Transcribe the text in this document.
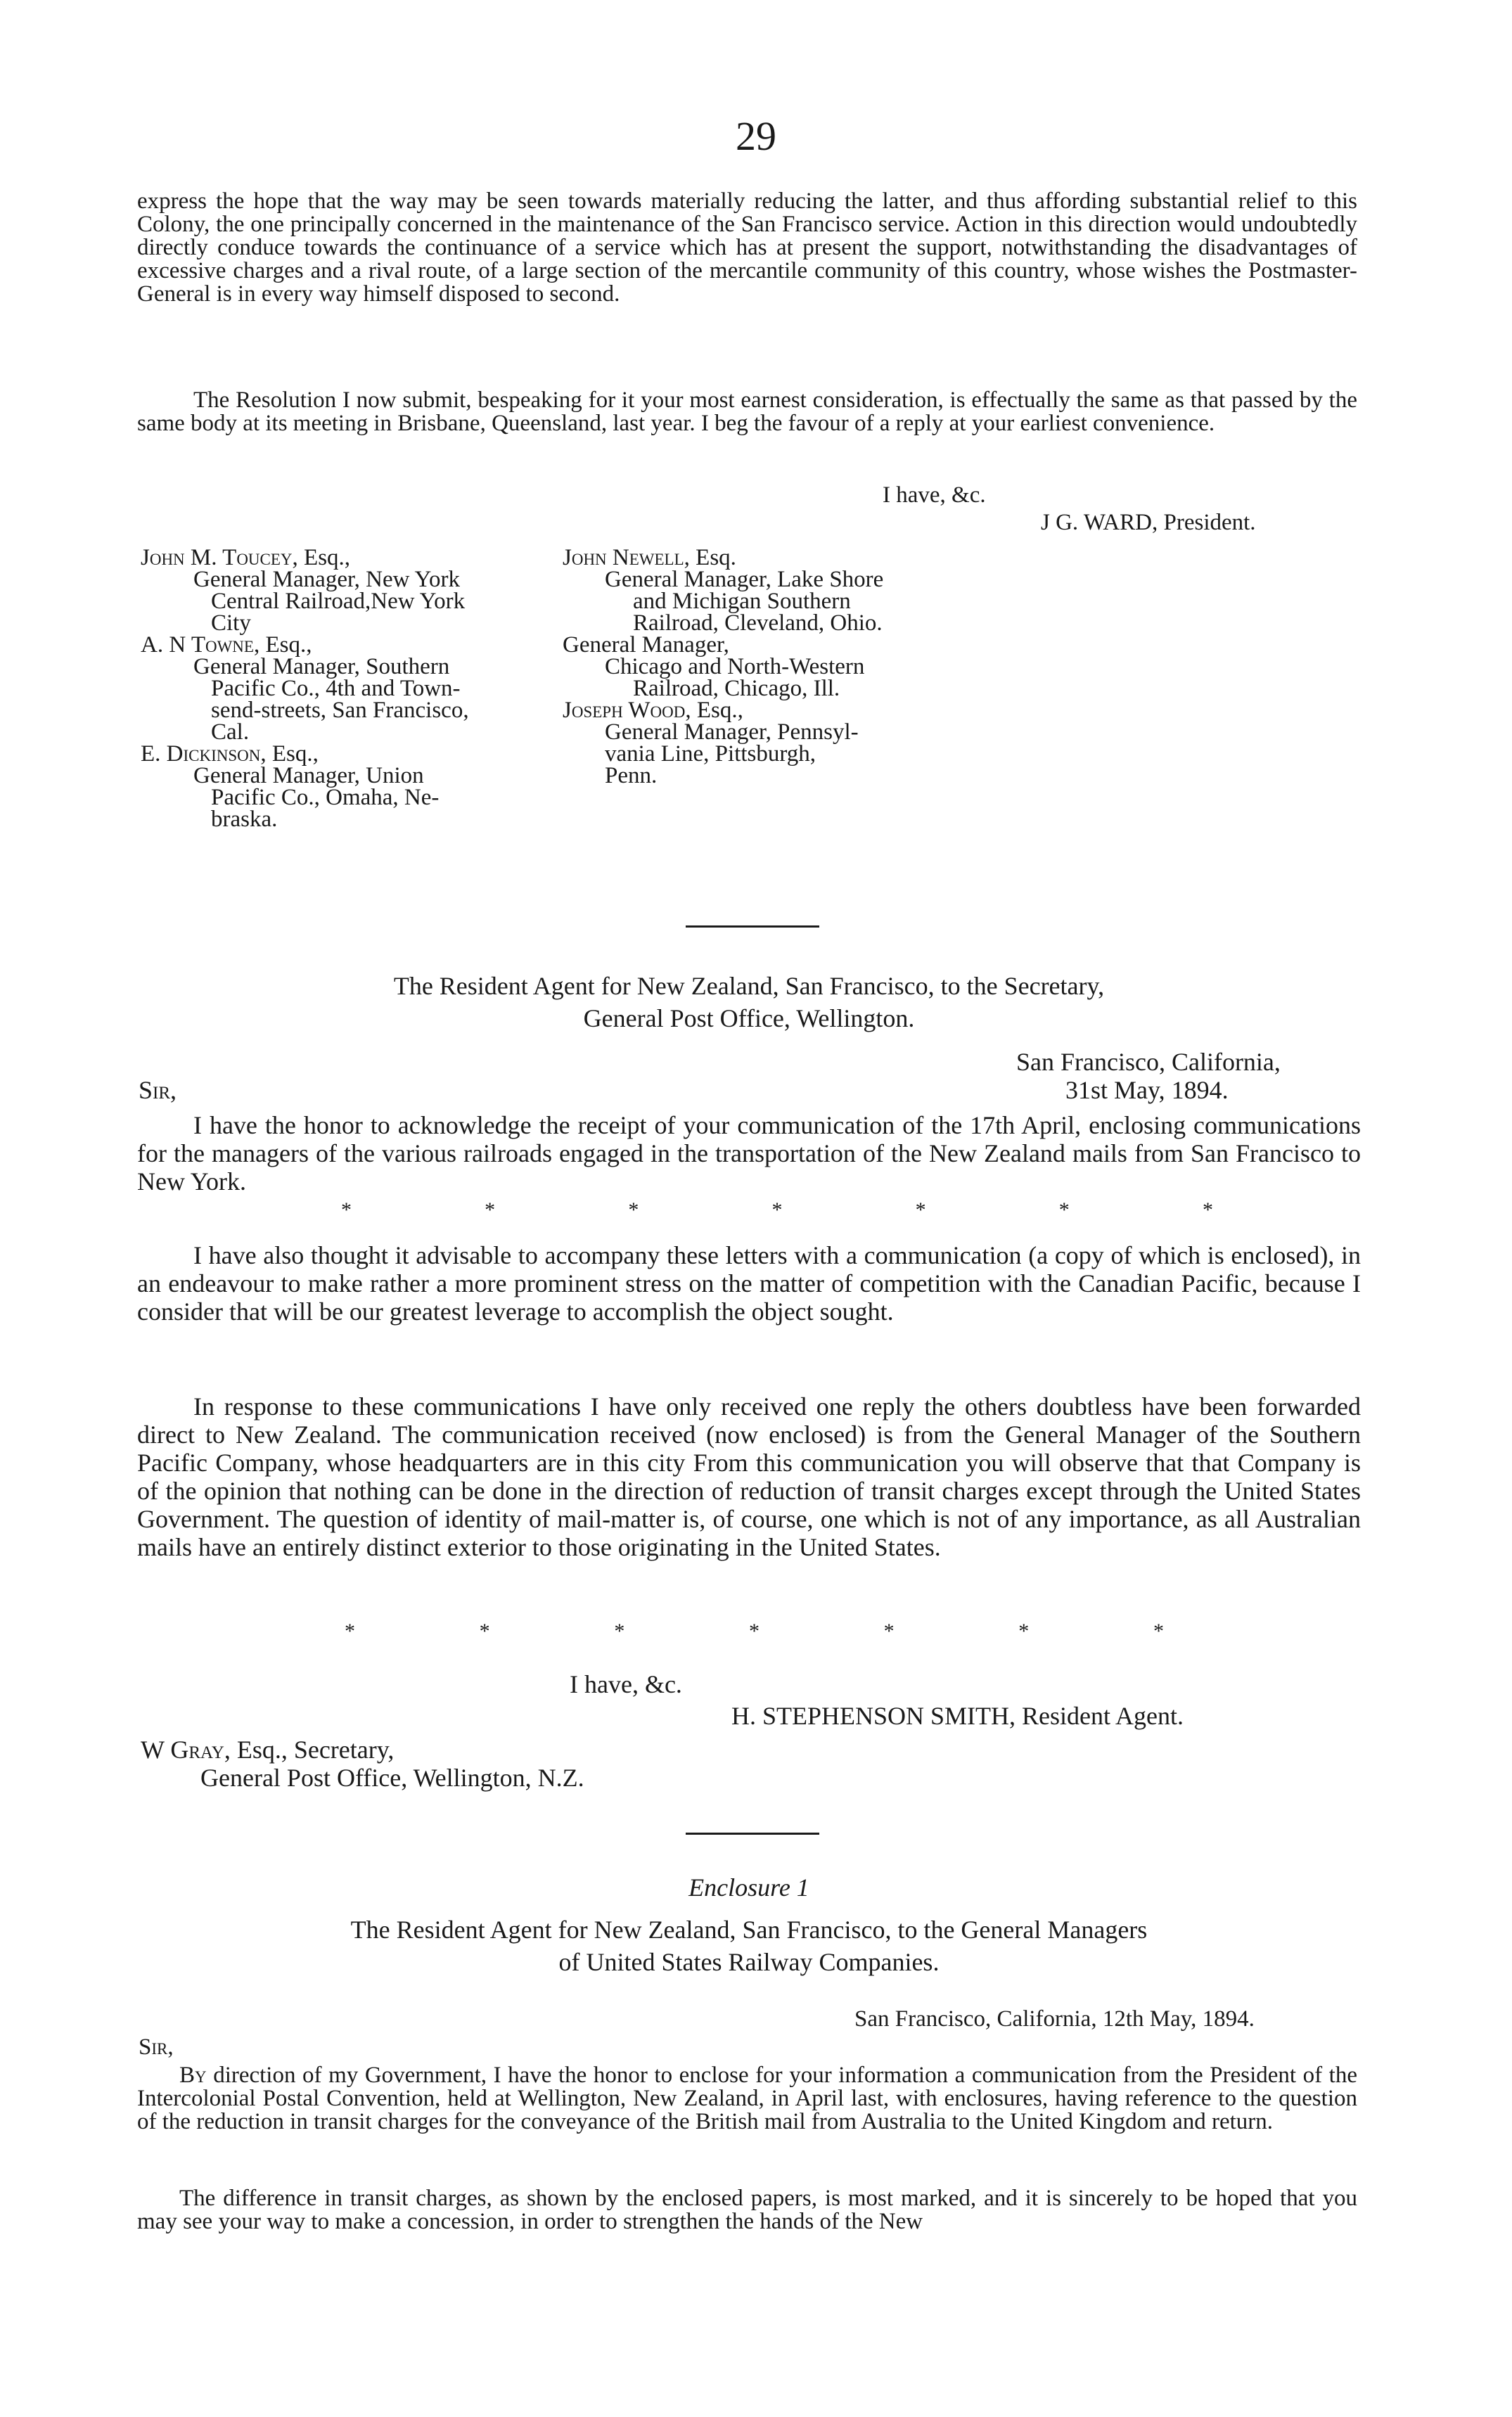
29
express the hope that the way may be seen towards materially reducing the latter, and thus affording substantial relief to this Colony, the one principally concerned in the maintenance of the San Francisco service. Action in this direction would undoubtedly directly conduce towards the continuance of a service which has at present the support, notwithstanding the disadvantages of excessive charges and a rival route, of a large section of the mercantile community of this country, whose wishes the Postmaster-General is in every way himself disposed to second.
The Resolution I now submit, bespeaking for it your most earnest consideration, is effectually the same as that passed by the same body at its meeting in Brisbane, Queensland, last year. I beg the favour of a reply at your earliest convenience.
I have, &c.
J G. WARD, President.
John M. Toucey, Esq.,
General Manager, New York
Central Railroad,New York
City
A. N Towne, Esq.,
General Manager, Southern
Pacific Co., 4th and Town-
send-streets, San Francisco,
Cal.
E. Dickinson, Esq.,
General Manager, Union
Pacific Co., Omaha, Ne-
braska.
John Newell, Esq.
General Manager, Lake Shore
and Michigan Southern
Railroad, Cleveland, Ohio.
General Manager,
Chicago and North-Western
Railroad, Chicago, Ill.
Joseph Wood, Esq.,
General Manager, Pennsyl-
vania Line, Pittsburgh,
Penn.
The Resident Agent for New Zealand, San Francisco, to the Secretary,
General Post Office, Wellington.
San Francisco, California,
31st May, 1894.
Sir,
I have the honor to acknowledge the receipt of your communication of the 17th April, enclosing communications for the managers of the various railroads engaged in the transportation of the New Zealand mails from San Francisco to New York.
*	*	*	*	*	*	*
I have also thought it advisable to accompany these letters with a communication (a copy of which is enclosed), in an endeavour to make rather a more prominent stress on the matter of competition with the Canadian Pacific, because I consider that will be our greatest leverage to accomplish the object sought.
In response to these communications I have only received one reply the others doubtless have been forwarded direct to New Zealand. The communication received (now enclosed) is from the General Manager of the Southern Pacific Company, whose headquarters are in this city From this communication you will observe that that Company is of the opinion that nothing can be done in the direction of reduction of transit charges except through the United States Government. The question of identity of mail-matter is, of course, one which is not of any importance, as all Australian mails have an entirely distinct exterior to those originating in the United States.
*	*	*	*	*	*	*
I have, &c.
H. STEPHENSON SMITH, Resident Agent.
W Gray, Esq., Secretary,
General Post Office, Wellington, N.Z.
Enclosure 1
The Resident Agent for New Zealand, San Francisco, to the General Managers
of United States Railway Companies.
San Francisco, California, 12th May, 1894.
Sir,
By direction of my Government, I have the honor to enclose for your information a communication from the President of the Intercolonial Postal Convention, held at Wellington, New Zealand, in April last, with enclosures, having reference to the question of the reduction in transit charges for the conveyance of the British mail from Australia to the United Kingdom and return.
The difference in transit charges, as shown by the enclosed papers, is most marked, and it is sincerely to be hoped that you may see your way to make a concession, in order to strengthen the hands of the New
